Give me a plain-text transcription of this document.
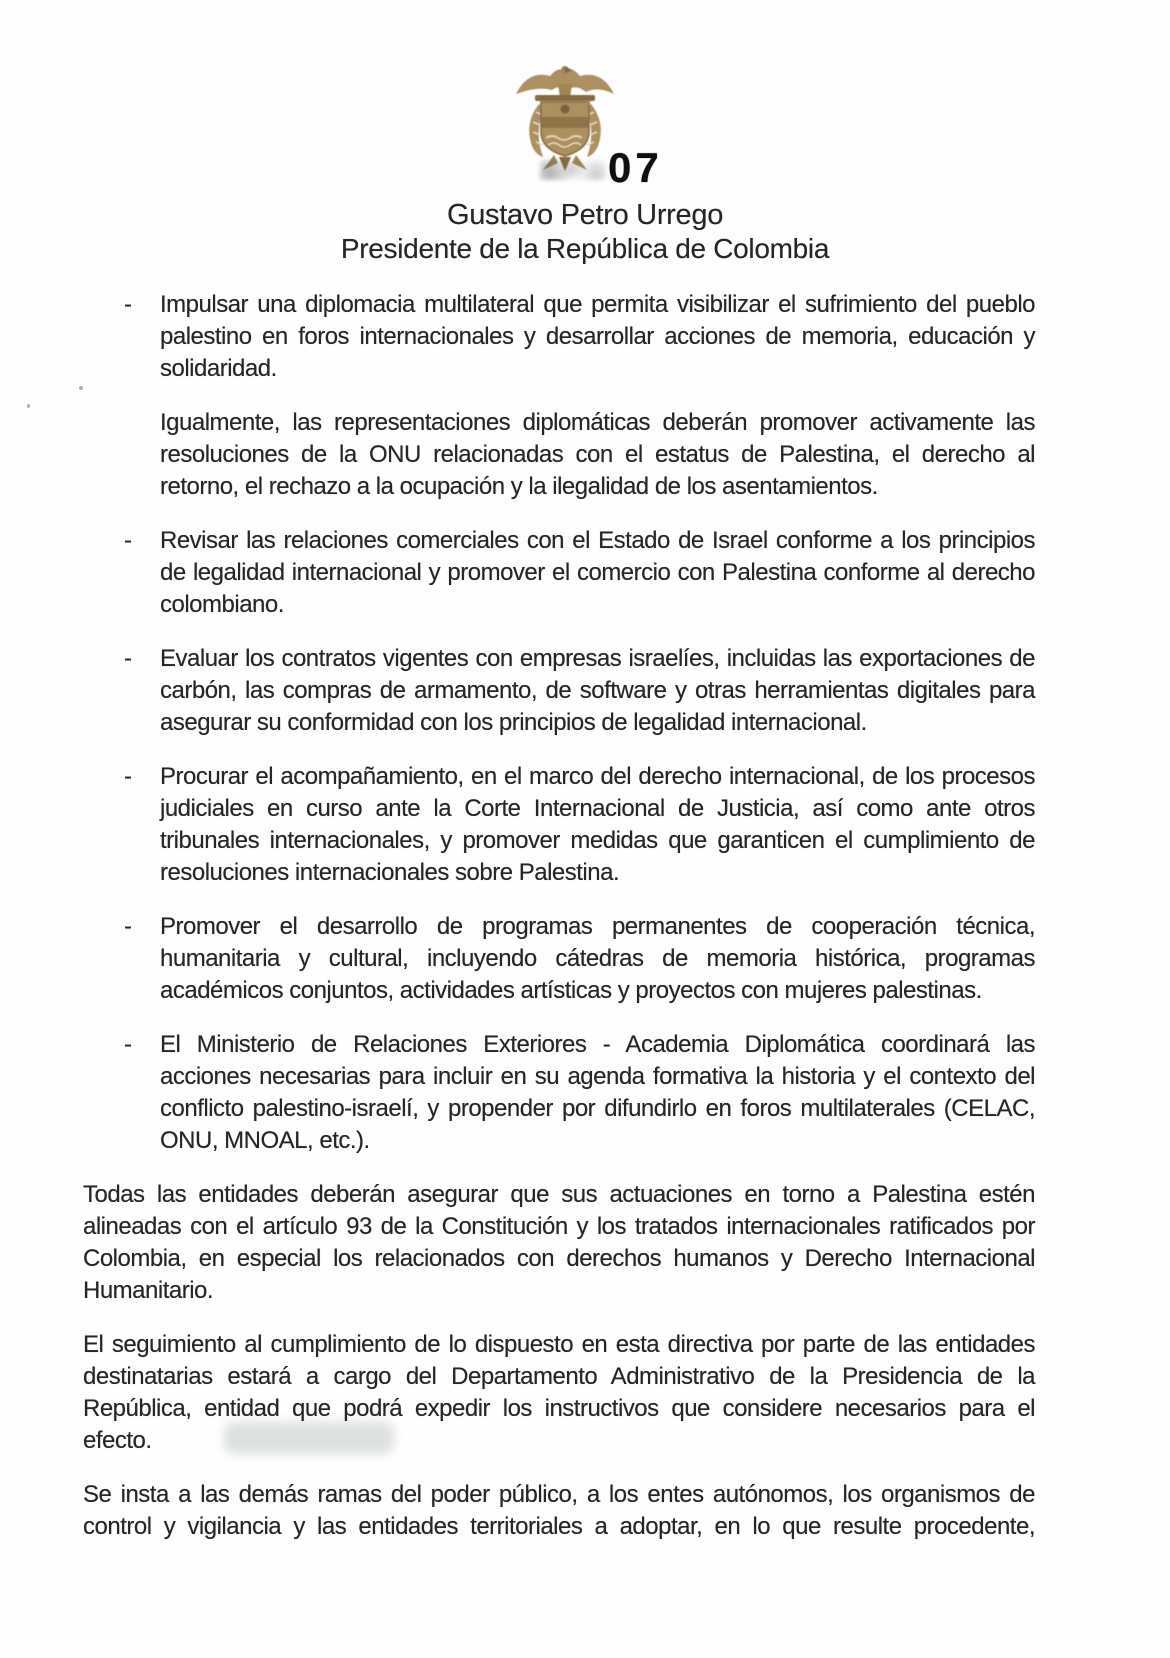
07
Gustavo Petro Urrego
Presidente de la República de Colombia
-	Impulsar una diplomacia multilateral que permita visibilizar el sufrimiento del pueblo palestino en foros internacionales y desarrollar acciones de memoria, educación y solidaridad.

Igualmente, las representaciones diplomáticas deberán promover activamente las resoluciones de la ONU relacionadas con el estatus de Palestina, el derecho al retorno, el rechazo a la ocupación y la ilegalidad de los asentamientos.

-	Revisar las relaciones comerciales con el Estado de Israel conforme a los principios de legalidad internacional y promover el comercio con Palestina conforme al derecho colombiano.

-	Evaluar los contratos vigentes con empresas israelíes, incluidas las exportaciones de carbón, las compras de armamento, de software y otras herramientas digitales para asegurar su conformidad con los principios de legalidad internacional.

-	Procurar el acompañamiento, en el marco del derecho internacional, de los procesos judiciales en curso ante la Corte Internacional de Justicia, así como ante otros tribunales internacionales, y promover medidas que garanticen el cumplimiento de resoluciones internacionales sobre Palestina.

-	Promover el desarrollo de programas permanentes de cooperación técnica, humanitaria y cultural, incluyendo cátedras de memoria histórica, programas académicos conjuntos, actividades artísticas y proyectos con mujeres palestinas.

-	El Ministerio de Relaciones Exteriores - Academia Diplomática coordinará las acciones necesarias para incluir en su agenda formativa la historia y el contexto del conflicto palestino-israelí, y propender por difundirlo en foros multilaterales (CELAC, ONU, MNOAL, etc.).

Todas las entidades deberán asegurar que sus actuaciones en torno a Palestina estén alineadas con el artículo 93 de la Constitución y los tratados internacionales ratificados por Colombia, en especial los relacionados con derechos humanos y Derecho Internacional Humanitario.

El seguimiento al cumplimiento de lo dispuesto en esta directiva por parte de las entidades destinatarias estará a cargo del Departamento Administrativo de la Presidencia de la República, entidad que podrá expedir los instructivos que considere necesarios para el efecto.

Se insta a las demás ramas del poder público, a los entes autónomos, los organismos de control y vigilancia y las entidades territoriales a adoptar, en lo que resulte procedente,
